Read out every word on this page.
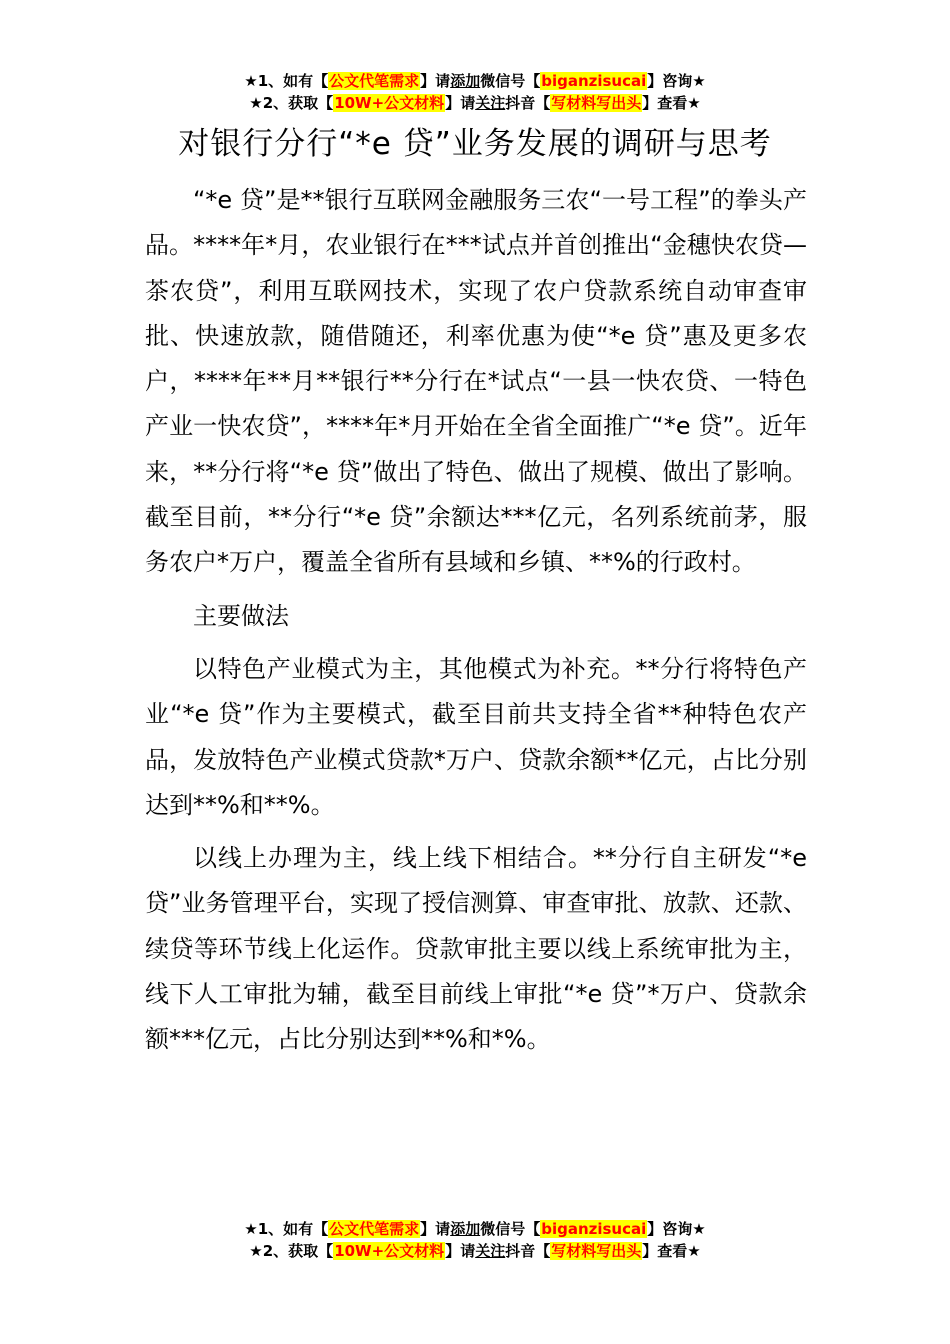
★1、如有【公文代笔需求】请添加微信号【biganzisucai】咨询★
★2、获取【10W+公文材料】请关注抖音【写材料写出头】查看★
对银行分行“*e 贷”业务发展的调研与思考

“*e 贷”是**银行互联网金融服务三农“一号工程”的拳头产品。****年*月，农业银行在***试点并首创推出“金穗快农贷—茶农贷”，利用互联网技术，实现了农户贷款系统自动审查审批、快速放款，随借随还，利率优惠为使“*e 贷”惠及更多农户，****年**月**银行**分行在*试点“一县一快农贷、一特色产业一快农贷”，****年*月开始在全省全面推广“*e 贷”。近年来，**分行将“*e 贷”做出了特色、做出了规模、做出了影响。截至目前，**分行“*e 贷”余额达***亿元，名列系统前茅，服务农户*万户，覆盖全省所有县域和乡镇、**%的行政村。

主要做法

以特色产业模式为主，其他模式为补充。**分行将特色产业“*e 贷”作为主要模式，截至目前共支持全省**种特色农产品，发放特色产业模式贷款*万户、贷款余额**亿元，占比分别达到**%和**%。

以线上办理为主，线上线下相结合。**分行自主研发“*e 贷”业务管理平台，实现了授信测算、审查审批、放款、还款、续贷等环节线上化运作。贷款审批主要以线上系统审批为主，线下人工审批为辅，截至目前线上审批“*e 贷”*万户、贷款余额***亿元，占比分别达到**%和*%。

★1、如有【公文代笔需求】请添加微信号【biganzisucai】咨询★
★2、获取【10W+公文材料】请关注抖音【写材料写出头】查看★
